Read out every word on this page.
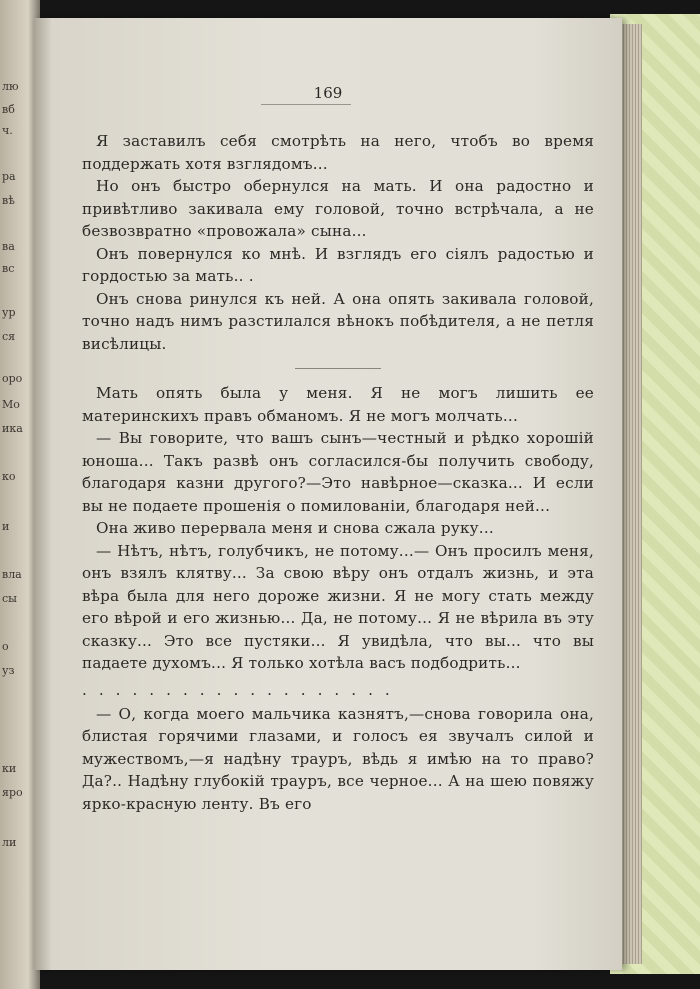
лю
вб
ч.
ра
вѣ
ва
вс
ур
ся
оро
Мо
ика
ко
и
вла
сы
о
уз
ки
яро
ли
169

Я заставилъ себя смотрѣть на него, чтобъ во время поддержать хотя взглядомъ...

Но онъ быстро обернулся на мать. И она радостно и привѣтливо закивала ему головой, точно встрѣчала, а не безвозвратно «провожала» сына...

Онъ повернулся ко мнѣ. И взглядъ его сіялъ радостью и гордостью за мать.. .

Онъ снова ринулся къ ней. А она опять закивала головой, точно надъ нимъ разстилался вѣнокъ побѣдителя, а не петля висѣлицы.

Мать опять была у меня. Я не могъ лишить ее материнскихъ правъ обманомъ. Я не могъ молчать...

— Вы говорите, что вашъ сынъ—честный и рѣдко хорошій юноша... Такъ развѣ онъ согласился-бы получить свободу, благодаря казни другого?—Это навѣрное—сказка... И если вы не подаете прошенія о помилованіи, благодаря ней...

Она живо перервала меня и снова сжала руку...

— Нѣтъ, нѣтъ, голубчикъ, не потому...— Онъ просилъ меня, онъ взялъ клятву... За свою вѣру онъ отдалъ жизнь, и эта вѣра была для него дороже жизни. Я не могу стать между его вѣрой и его жизнью... Да, не потому... Я не вѣрила въ эту сказку... Это все пустяки... Я увидѣла, что вы... что вы падаете духомъ... Я только хотѣла васъ подбодрить...

...................

— О, когда моего мальчика казнятъ,—снова говорила она, блистая горячими глазами, и голосъ ея звучалъ силой и мужествомъ,—я надѣну трауръ, вѣдь я имѣю на то право? Да?.. Надѣну глубокій трауръ, все черное... А на шею повяжу ярко-красную ленту. Въ его
